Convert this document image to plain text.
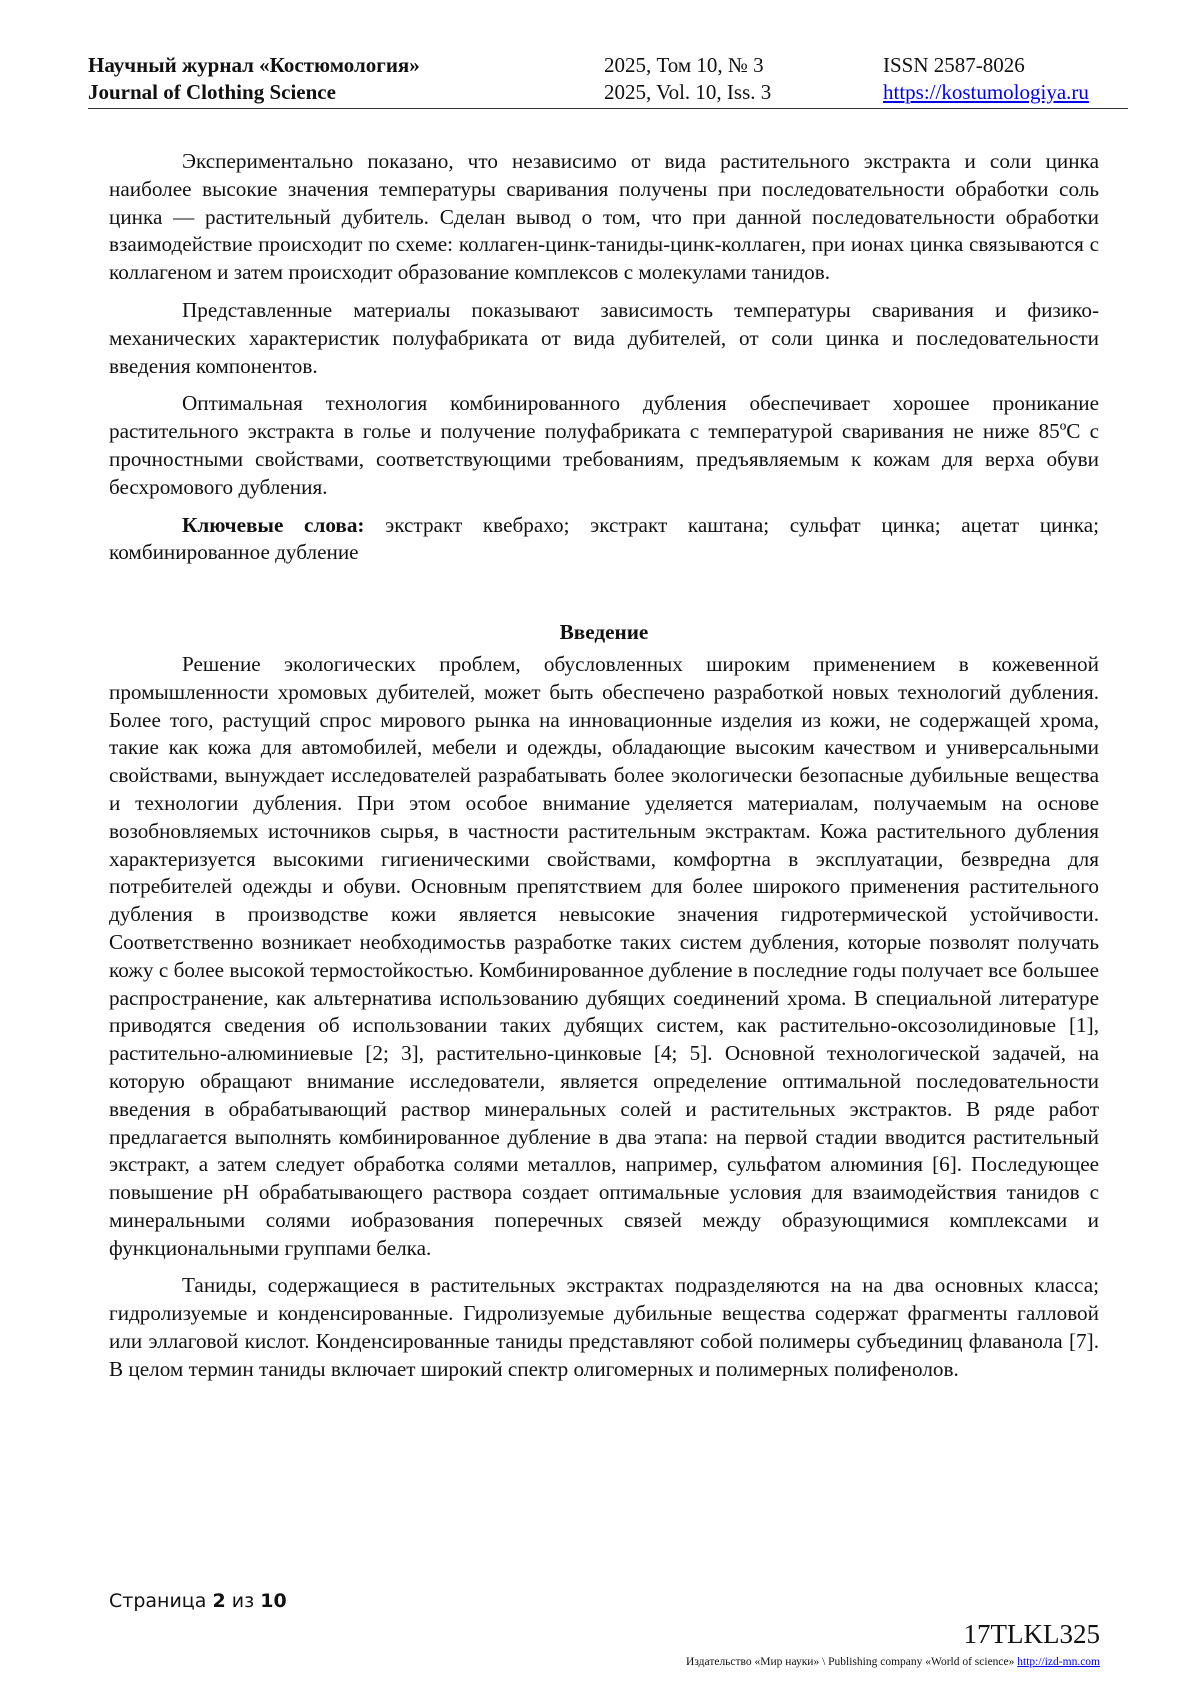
Научный журнал «Костюмология»
Journal of Clothing Science
2025, Том 10, № 3
2025, Vol. 10, Iss. 3
ISSN 2587-8026
https://kostumologiya.ru

Экспериментально показано, что независимо от вида растительного экстракта и соли цинка наиболее высокие значения температуры сваривания получены при последовательности обработки соль цинка — растительный дубитель. Сделан вывод о том, что при данной последовательности обработки взаимодействие происходит по схеме: коллаген-цинк-таниды-цинк-коллаген, при ионах цинка связываются с коллагеном и затем происходит образование комплексов с молекулами танидов.

Представленные материалы показывают зависимость температуры сваривания и физико-механических характеристик полуфабриката от вида дубителей, от соли цинка и последовательности введения компонентов.

Оптимальная технология комбинированного дубления обеспечивает хорошее проникание растительного экстракта в голье и получение полуфабриката с температурой сваривания не ниже 85ºС с прочностными свойствами, соответствующими требованиям, предъявляемым к кожам для верха обуви бесхромового дубления.

Ключевые слова: экстракт квебрахо; экстракт каштана; сульфат цинка; ацетат цинка; комбинированное дубление

Введение

Решение экологических проблем, обусловленных широким применением в кожевенной промышленности хромовых дубителей, может быть обеспечено разработкой новых технологий дубления. Более того, растущий спрос мирового рынка на инновационные изделия из кожи, не содержащей хрома, такие как кожа для автомобилей, мебели и одежды, обладающие высоким качеством и универсальными свойствами, вынуждает исследователей разрабатывать более экологически безопасные дубильные вещества и технологии дубления. При этом особое внимание уделяется материалам, получаемым на основе возобновляемых источников сырья, в частности растительным экстрактам. Кожа растительного дубления характеризуется высокими гигиеническими свойствами, комфортна в эксплуатации, безвредна для потребителей одежды и обуви. Основным препятствием для более широкого применения растительного дубления в производстве кожи является невысокие значения гидротермической устойчивости. Соответственно возникает необходимостьв разработке таких систем дубления, которые позволят получать кожу с более высокой термостойкостью. Комбинированное дубление в последние годы получает все большее распространение, как альтернатива использованию дубящих соединений хрома. В специальной литературе приводятся сведения об использовании таких дубящих систем, как растительно-оксозолидиновые [1], растительно-алюминиевые [2; 3], растительно-цинковые [4; 5]. Основной технологической задачей, на которую обращают внимание исследователи, является определение оптимальной последовательности введения в обрабатывающий раствор минеральных солей и растительных экстрактов. В ряде работ предлагается выполнять комбинированное дубление в два этапа: на первой стадии вводится растительный экстракт, а затем следует обработка солями металлов, например, сульфатом алюминия [6]. Последующее повышение рН обрабатывающего раствора создает оптимальные условия для взаимодействия танидов с минеральными солями иобразования поперечных связей между образующимися комплексами и функциональными группами белка.

Таниды, содержащиеся в растительных экстрактах подразделяются на на два основных класса; гидролизуемые и конденсированные. Гидролизуемые дубильные вещества содержат фрагменты галловой или эллаговой кислот. Конденсированные таниды представляют собой полимеры субъединиц флаванола [7]. В целом термин таниды включает широкий спектр олигомерных и полимерных полифенолов.

Страница 2 из 10
17TLKL325
Издательство «Мир науки» \ Publishing company «World of science» http://izd-mn.com
